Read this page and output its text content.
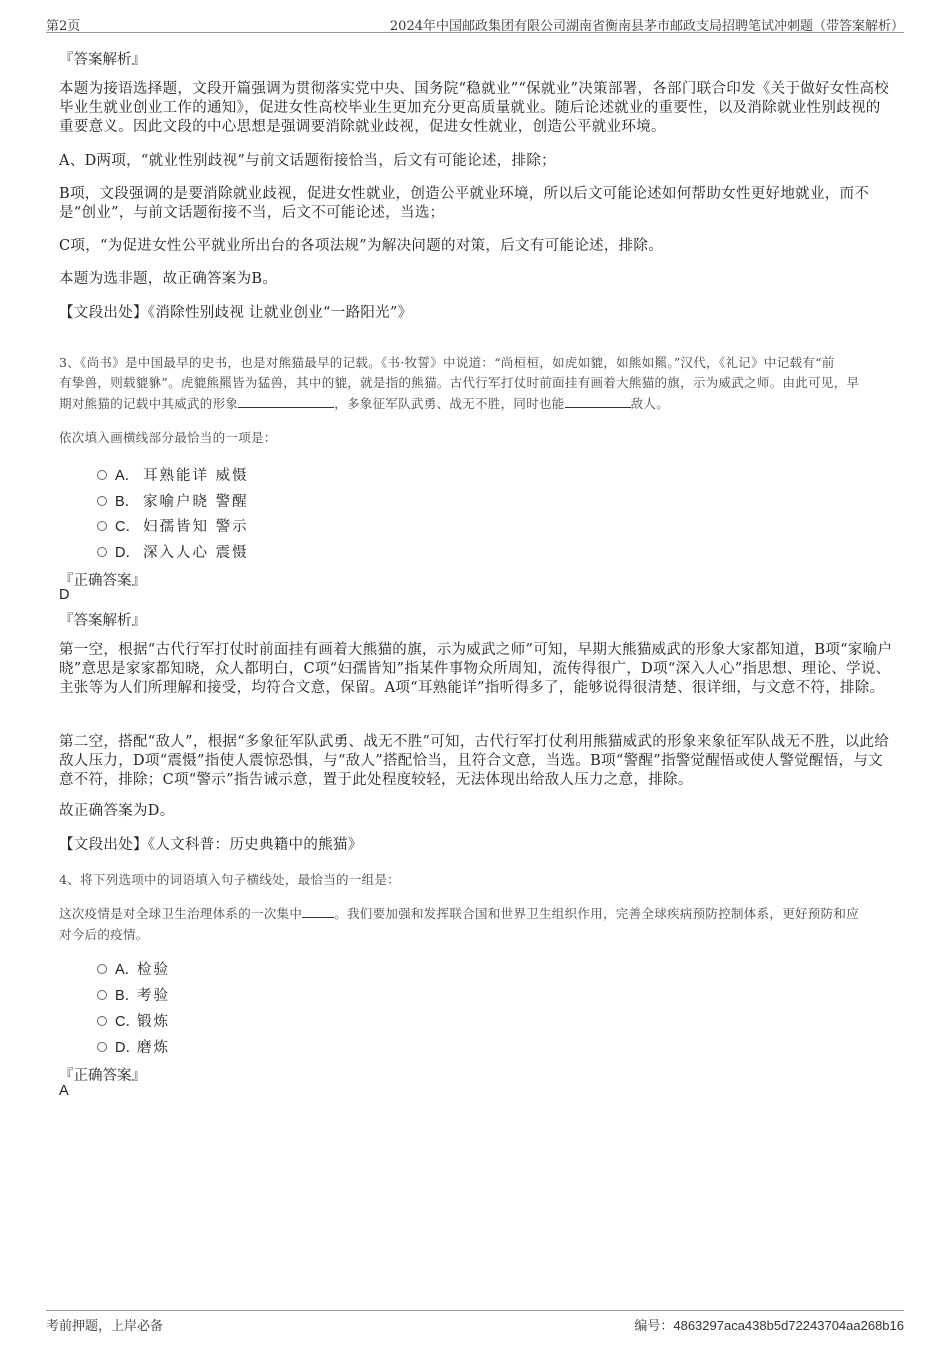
第2页	2024年中国邮政集团有限公司湖南省衡南县茅市邮政支局招聘笔试冲刺题（带答案解析）
『答案解析』
本题为接语选择题，文段开篇强调为贯彻落实党中央、国务院“稳就业”“保就业”决策部署，各部门联合印发《关于做好女性高校毕业生就业创业工作的通知》，促进女性高校毕业生更加充分更高质量就业。随后论述就业的重要性，以及消除就业性别歧视的重要意义。因此文段的中心思想是强调要消除就业歧视，促进女性就业，创造公平就业环境。
A、D两项，“就业性别歧视”与前文话题衔接恰当，后文有可能论述，排除；
B项，文段强调的是要消除就业歧视，促进女性就业，创造公平就业环境，所以后文可能论述如何帮助女性更好地就业，而不是“创业”，与前文话题衔接不当，后文不可能论述，当选；
C项，“为促进女性公平就业所出台的各项法规”为解决问题的对策，后文有可能论述，排除。
本题为选非题，故正确答案为B。
【文段出处】《消除性别歧视 让就业创业“一路阳光”》
3、《尚书》是中国最早的史书，也是对熊猫最早的记载。《书·牧誓》中说道：“尚桓桓，如虎如貔，如熊如羆。”汉代，《礼记》中记载有“前
有挚兽，则载貔貅”。虎貔熊羆皆为猛兽，其中的貔，就是指的熊猫。古代行军打仗时前面挂有画着大熊猫的旗，示为威武之师。由此可见，早
期对熊猫的记载中其威武的形象	，多象征军队武勇、战无不胜，同时也能	敌人。
依次填入画横线部分最恰当的一项是：
A． 耳熟能详 威慑
B． 家喻户晓 警醒
C． 妇孺皆知 警示
D． 深入人心 震慑
『正确答案』
D
『答案解析』
第一空，根据“古代行军打仗时前面挂有画着大熊猫的旗，示为威武之师”可知，早期大熊猫威武的形象大家都知道，B项“家喻户晓”意思是家家都知晓，众人都明白，C项“妇孺皆知”指某件事物众所周知，流传得很广，D项“深入人心”指思想、理论、学说、主张等为人们所理解和接受，均符合文意，保留。A项“耳熟能详”指听得多了，能够说得很清楚、很详细，与文意不符，排除。
第二空，搭配“敌人”，根据“多象征军队武勇、战无不胜”可知，古代行军打仗利用熊猫威武的形象来象征军队战无不胜，以此给敌人压力，D项“震慑”指使人震惊恐惧，与“敌人”搭配恰当，且符合文意，当选。B项“警醒”指警觉醒悟或使人警觉醒悟，与文意不符，排除；C项“警示”指告诫示意，置于此处程度较轻，无法体现出给敌人压力之意，排除。
故正确答案为D。
【文段出处】《人文科普：历史典籍中的熊猫》
4、将下列选项中的词语填入句子横线处，最恰当的一组是：
这次疫情是对全球卫生治理体系的一次集中	。我们要加强和发挥联合国和世界卫生组织作用，完善全球疾病预防控制体系，更好预防和应
对今后的疫情。
A．检验
B．考验
C．锻炼
D．磨炼
『正确答案』
A
考前押题，上岸必备	编号：4863297aca438b5d72243704aa268b16
